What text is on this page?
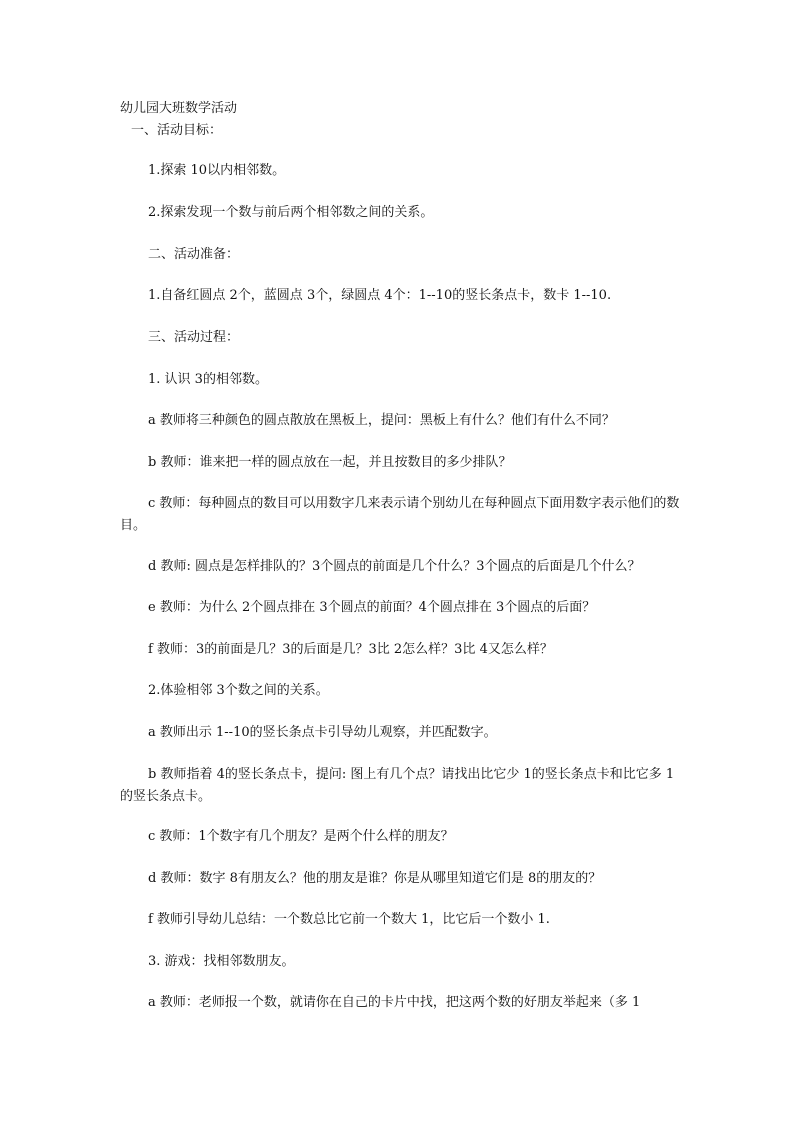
幼儿园大班数学活动
一、活动目标：

1.探索 10以内相邻数。

2.探索发现一个数与前后两个相邻数之间的关系。

二、活动准备：

1.自备红圆点 2个，蓝圆点 3个，绿圆点 4个：1--10的竖长条点卡，数卡 1--10.

三、活动过程：

1. 认识 3的相邻数。

a 教师将三种颜色的圆点散放在黑板上，提问：黑板上有什么？他们有什么不同？

b 教师：谁来把一样的圆点放在一起，并且按数目的多少排队？

c 教师：每种圆点的数目可以用数字几来表示请个别幼儿在每种圆点下面用数字表示他们的数目。

d 教师: 圆点是怎样排队的？3个圆点的前面是几个什么？3个圆点的后面是几个什么？

e 教师：为什么 2个圆点排在 3个圆点的前面？4个圆点排在 3个圆点的后面？

f 教师：3的前面是几？3的后面是几？3比 2怎么样？3比 4又怎么样？

2.体验相邻 3个数之间的关系。

a 教师出示 1--10的竖长条点卡引导幼儿观察，并匹配数字。

b 教师指着 4的竖长条点卡，提问: 图上有几个点？请找出比它少 1的竖长条点卡和比它多 1的竖长条点卡。

c 教师：1个数字有几个朋友？是两个什么样的朋友？

d 教师：数字 8有朋友么？他的朋友是谁？你是从哪里知道它们是 8的朋友的？

f 教师引导幼儿总结：一个数总比它前一个数大 1，比它后一个数小 1.

3. 游戏：找相邻数朋友。

a 教师：老师报一个数，就请你在自己的卡片中找，把这两个数的好朋友举起来（多 1
